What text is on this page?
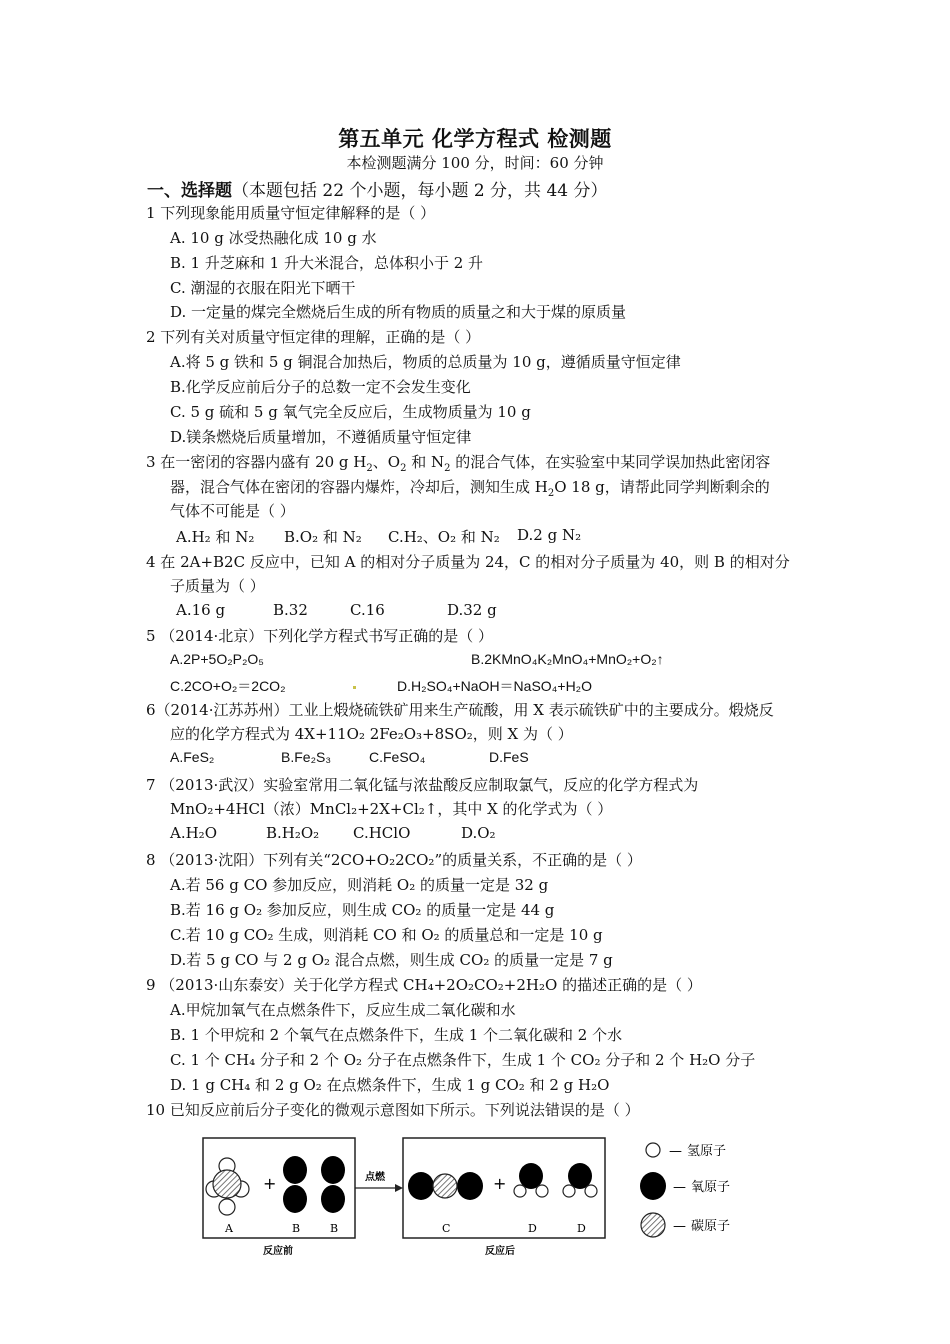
第五单元 化学方程式 检测题
本检测题满分 100 分，时间：60 分钟
一、选择题（本题包括 22 个小题，每小题 2 分，共 44 分）
1 下列现象能用质量守恒定律解释的是（ ）
A. 10 g 冰受热融化成 10 g 水
B. 1 升芝麻和 1 升大米混合，总体积小于 2 升
C. 潮湿的衣服在阳光下晒干
D. 一定量的煤完全燃烧后生成的所有物质的质量之和大于煤的原质量
2 下列有关对质量守恒定律的理解，正确的是（ ）
A.将 5 g 铁和 5 g 铜混合加热后，物质的总质量为 10 g，遵循质量守恒定律
B.化学反应前后分子的总数一定不会发生变化
C. 5 g 硫和 5 g 氧气完全反应后，生成物质量为 10 g
D.镁条燃烧后质量增加，不遵循质量守恒定律
3 在一密闭的容器内盛有 20 g $H_2$、$O_2$ 和 $N_2$ 的混合气体，在实验室中某同学误加热此密闭容
器，混合气体在密闭的容器内爆炸，冷却后，测知生成 $H_2O$ 18 g，请帮此同学判断剩余的
气体不可能是（ ）
A.H₂ 和 N₂ B.O₂ 和 N₂ C.H₂、O₂ 和 N₂ D.2 g N₂
4 在 2A+B2C 反应中，已知 A 的相对分子质量为 24，C 的相对分子质量为 40，则 B 的相对分
子质量为（ ）
A.16 g	B.32	C.16	D.32 g
5 （2014·北京）下列化学方程式书写正确的是（ ）
A.2P+5O₂P₂O₅	B.2KMnO₄K₂MnO₄+MnO₂+O₂↑
C.2CO+O₂＝2CO₂	D.H₂SO₄+NaOH＝NaSO₄+H₂O
6（2014·江苏苏州）工业上煅烧硫铁矿用来生产硫酸，用 X 表示硫铁矿中的主要成分。煅烧反
应的化学方程式为 4X+11O₂ 2Fe₂O₃+8SO₂，则 X 为（ ）
A.FeS₂	B.Fe₂S₃	C.FeSO₄	D.FeS
7 （2013·武汉）实验室常用二氧化锰与浓盐酸反应制取氯气，反应的化学方程式为
MnO₂+4HCl（浓）MnCl₂+2X+Cl₂↑，其中 X 的化学式为（ ）
A.H₂O	B.H₂O₂ C.HClO	D.O₂
8 （2013·沈阳）下列有关“2CO+O₂2CO₂”的质量关系，不正确的是（ ）
A.若 56 g CO 参加反应，则消耗 O₂ 的质量一定是 32 g
B.若 16 g O₂ 参加反应，则生成 CO₂ 的质量一定是 44 g
C.若 10 g CO₂ 生成，则消耗 CO 和 O₂ 的质量总和一定是 10 g
D.若 5 g CO 与 2 g O₂ 混合点燃，则生成 CO₂ 的质量一定是 7 g
9 （2013·山东泰安）关于化学方程式 CH₄+2O₂CO₂+2H₂O 的描述正确的是（ ）
A.甲烷加氧气在点燃条件下，反应生成二氧化碳和水
B. 1 个甲烷和 2 个氧气在点燃条件下，生成 1 个二氧化碳和 2 个水
C. 1 个 CH₄ 分子和 2 个 O₂ 分子在点燃条件下，生成 1 个 CO₂ 分子和 2 个 H₂O 分子
D. 1 g CH₄ 和 2 g O₂ 在点燃条件下，生成 1 g CO₂ 和 2 g H₂O
10 已知反应前后分子变化的微观示意图如下所示。下列说法错误的是（ ）
+
A	B	B
反应前
点燃	+
C	D	D
反应后
— 氢原子
— 氧原子
— 碳原子
